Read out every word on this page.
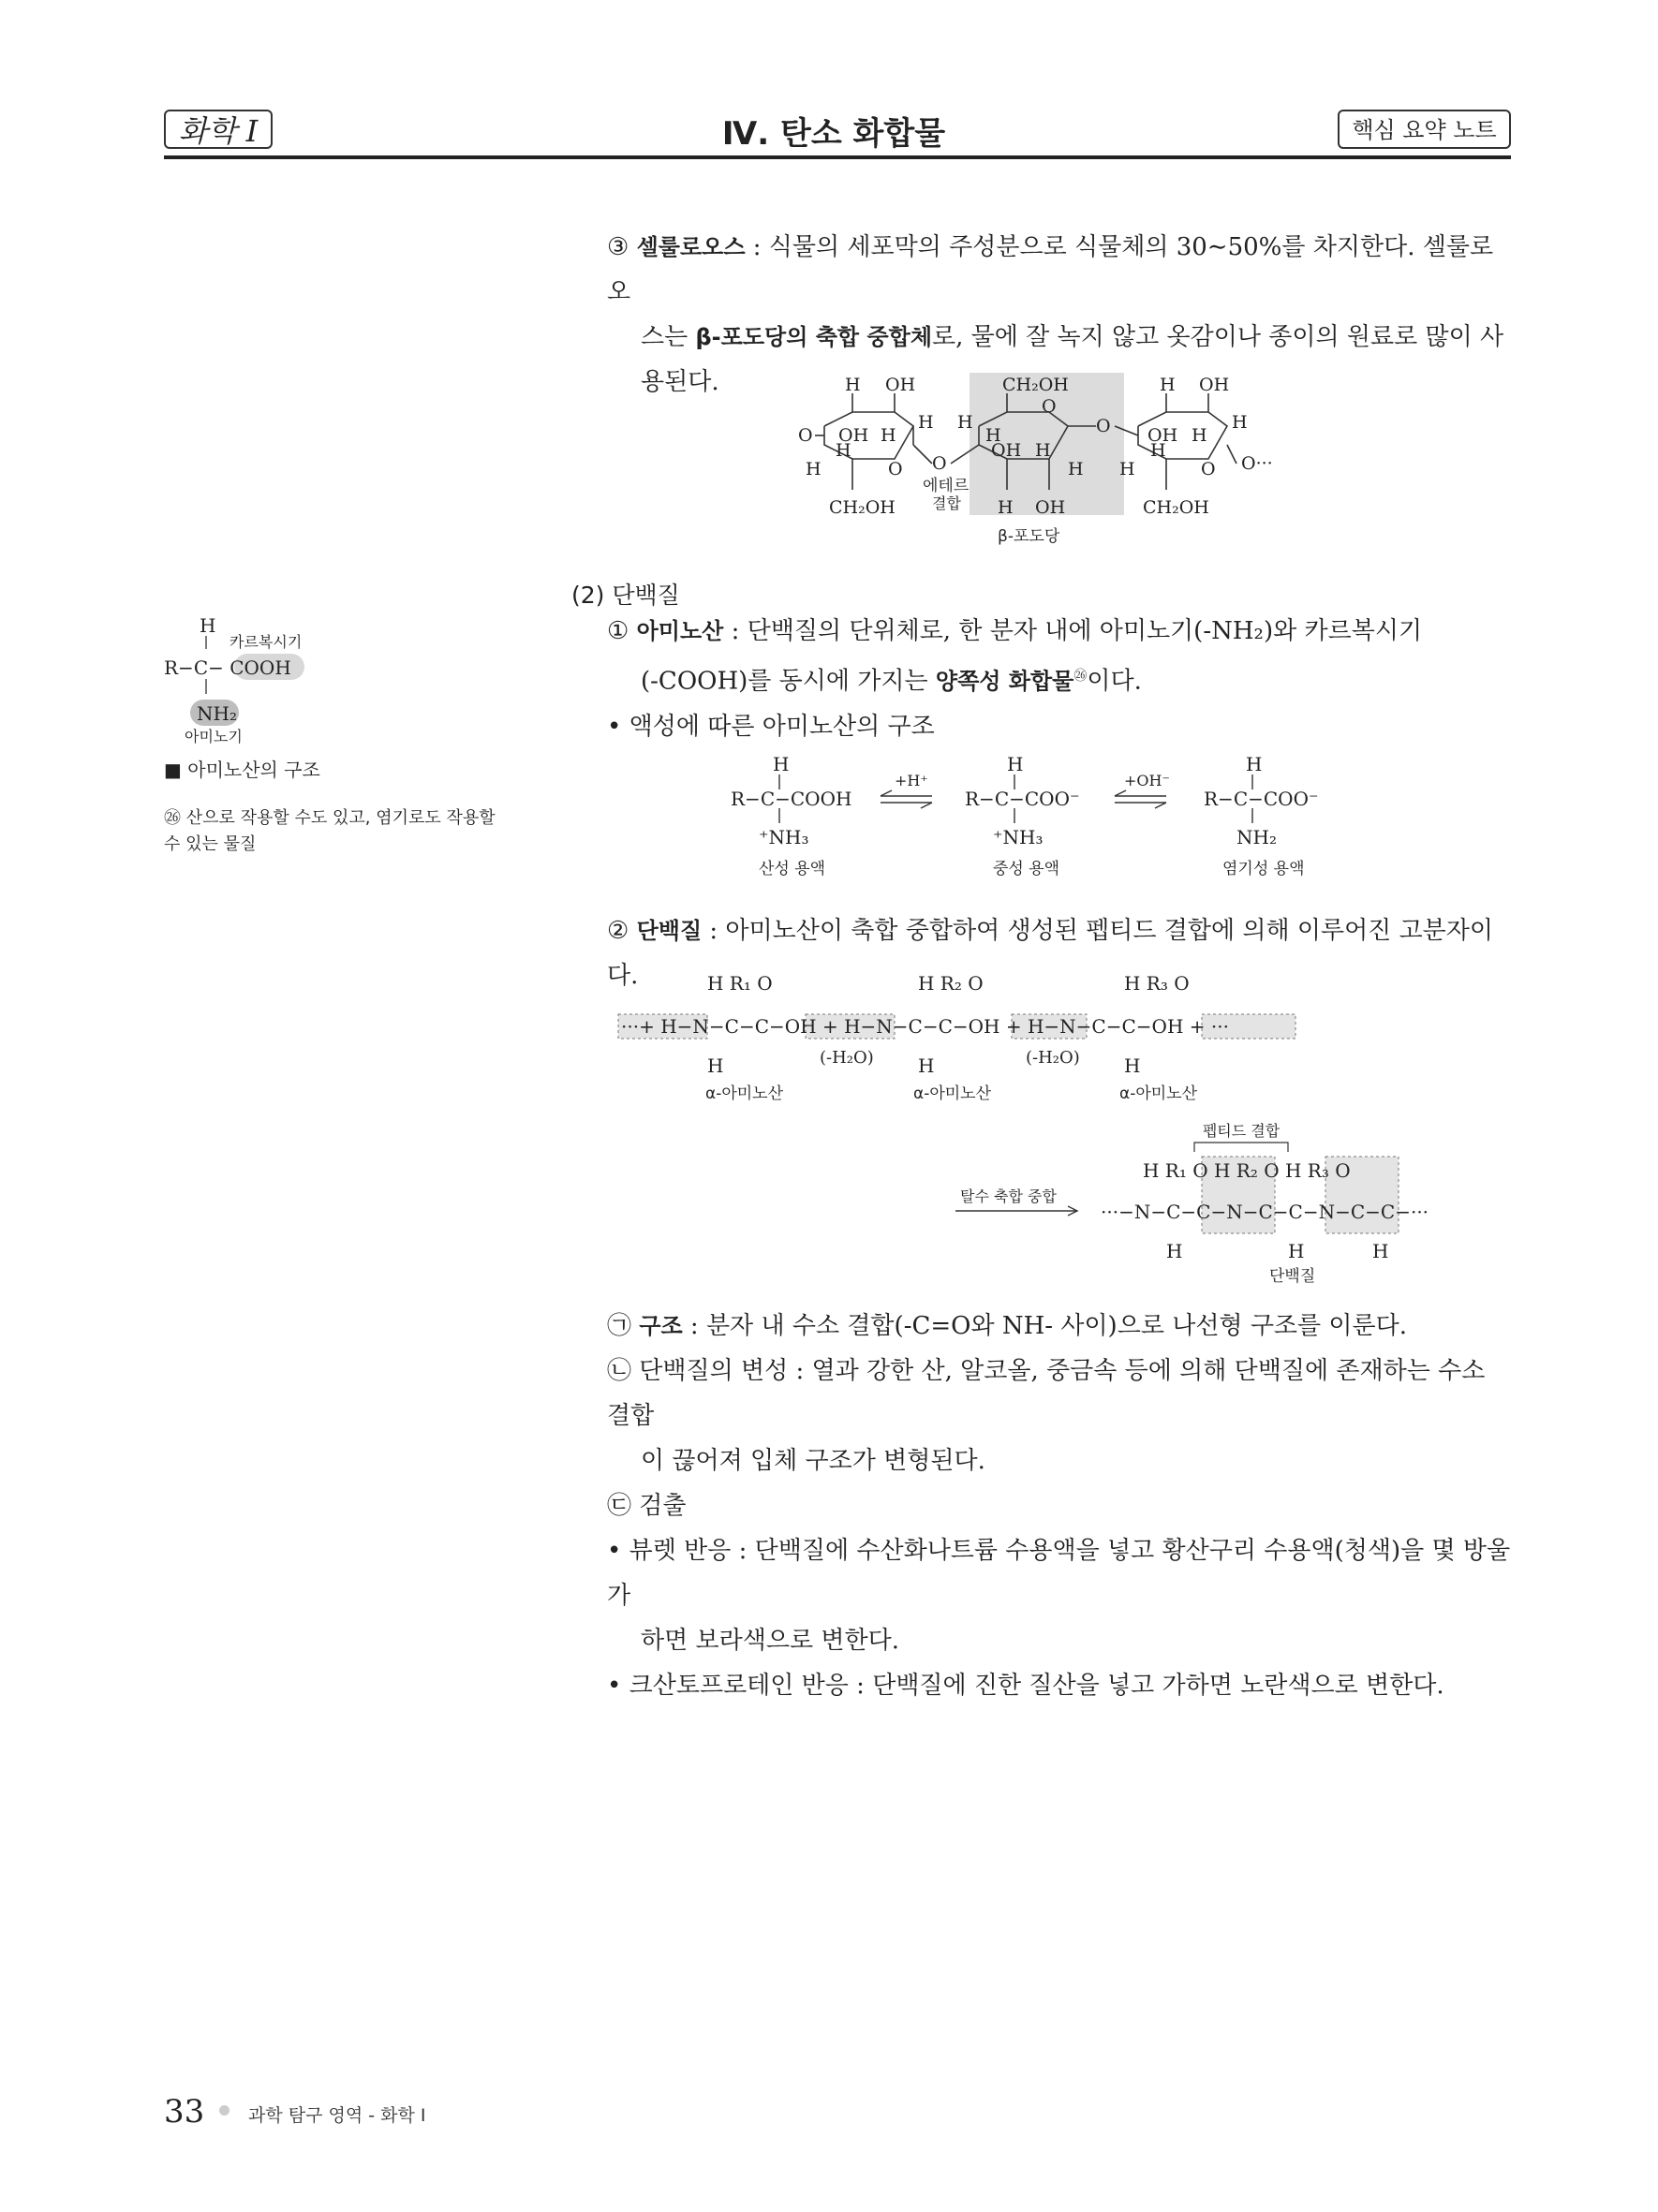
화학 I	Ⅳ. 탄소 화합물	핵심 요약 노트
③ 셀룰로오스 : 식물의 세포막의 주성분으로 식물체의 30∼50%를 차지한다. 셀룰로오
스는 β-포도당의 축합 중합체로, 물에 잘 녹지 않고 옷감이나 종이의 원료로 많이 사
용된다.	H OH
O OH H
H
H
H	O O
CH₂OH
에테르
결합
CH₂OH
O
H
H
OH H
H
H OH
O
H OH
OH H
H
H
H	O O···
CH₂OH
β-포도당
(2) 단백질
① 아미노산 : 단백질의 단위체로, 한 분자 내에 아미노기(-NH₂)와 카르복시기
(-COOH)를 동시에 가지는 양쪽성 화합물$^㉖$이다.
• 액성에 따른 아미노산의 구조
H
R−C−COOH
⁺NH₃
H
R−C−COO⁻
⁺NH₃
H
R−C−COO⁻
NH₂
+H⁺	+OH⁻
산성 용액	중성 용액	염기성 용액
② 단백질 : 아미노산이 축합 중합하여 생성된 펩티드 결합에 의해 이루어진 고분자이다.	H R₁ O	H R₂ O	H R₃ O
···+ H−N−C−C−OH + H−N−C−C−OH + H−N−C−C−OH + ···
H	H	H
(-H₂O)	(-H₂O)
α-아미노산	α-아미노산	α-아미노산
펩티드 결합
H R₁ O H R₂ O H R₃ O
···−N−C−C−N−C−C−N−C−C−···
H	H	H
탈수 축합 중합
단백질
㉠ 구조 : 분자 내 수소 결합(-C=O와 NH- 사이)으로 나선형 구조를 이룬다.
㉡ 단백질의 변성 : 열과 강한 산, 알코올, 중금속 등에 의해 단백질에 존재하는 수소 결합
이 끊어져 입체 구조가 변형된다.
㉢ 검출
• 뷰렛 반응 : 단백질에 수산화나트륨 수용액을 넣고 황산구리 수용액(청색)을 몇 방울 가
하면 보라색으로 변한다.
• 크산토프로테인 반응 : 단백질에 진한 질산을 넣고 가하면 노란색으로 변한다.
H
R−C− COOH
NH₂
카르복시기
아미노기
■ 아미노산의 구조
㉖ 산으로 작용할 수도 있고, 염기로도 작용할
수 있는 물질
33 과학 탐구 영역 - 화학 Ⅰ
